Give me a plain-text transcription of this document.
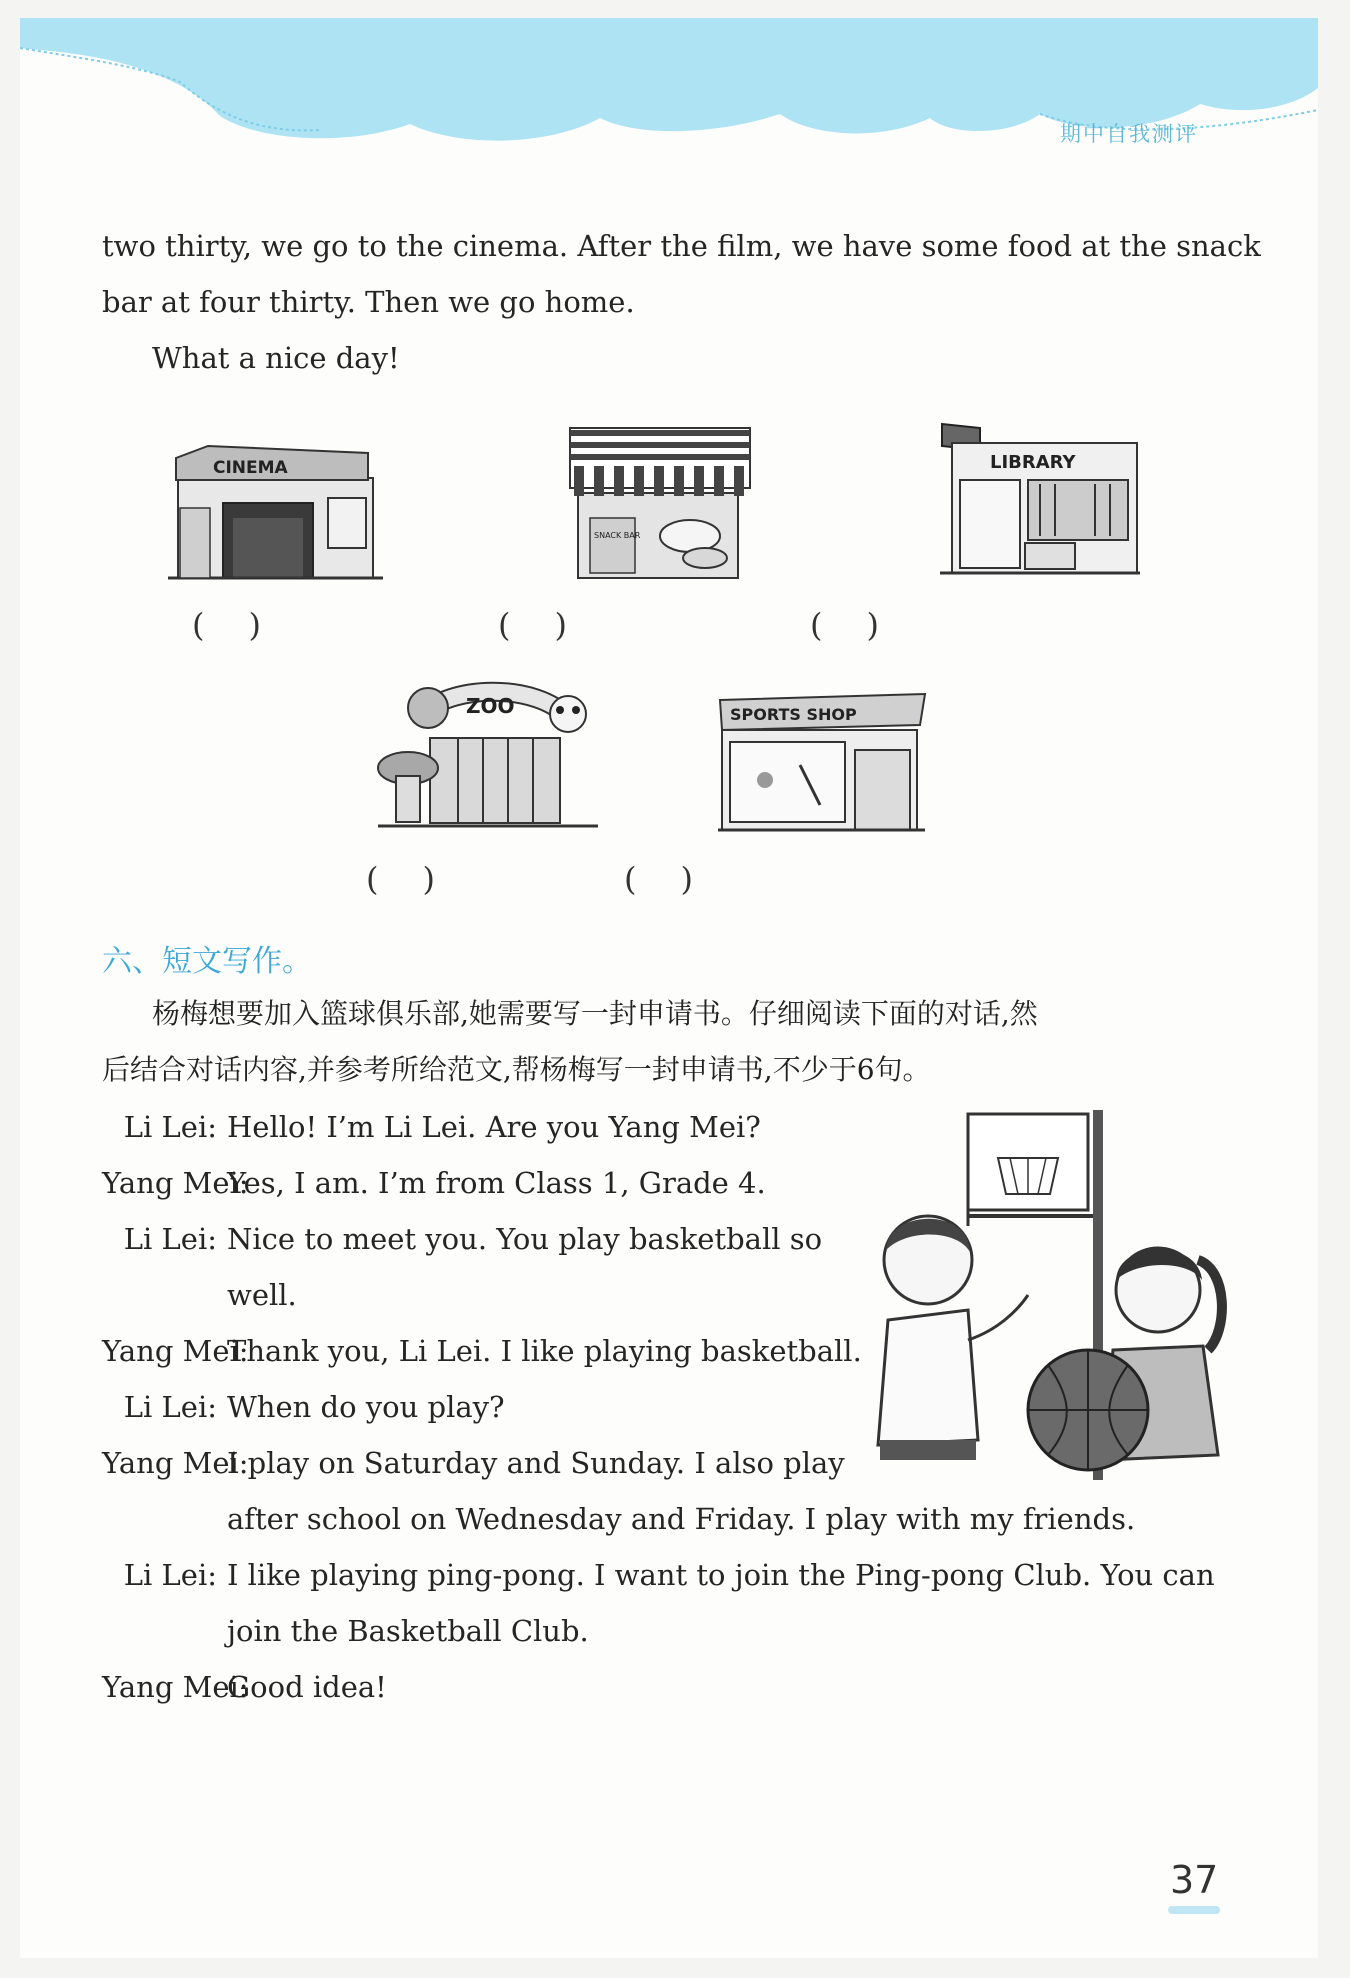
期中自我测评
two thirty, we go to the cinema. After the film, we have some food at the snack
bar at four thirty. Then we go home.
What a nice day!
CINEMA
( )
SNACK BAR
( )
LIBRARY
( )
ZOO
( )
SPORTS SHOP
( )
六、短文写作。
杨梅想要加入篮球俱乐部,她需要写一封申请书。仔细阅读下面的对话,然
后结合对话内容,并参考所给范文,帮杨梅写一封申请书,不少于6句。
Li Lei: Hello! I’m Li Lei. Are you Yang Mei?
Yang Mei:
Yes, I am. I’m from Class 1, Grade 4.
Li Lei: Nice to meet you. You play basketball so
well.
Yang Mei:
Thank you, Li Lei. I like playing basketball.
Li Lei: When do you play?
Yang Mei:
I play on Saturday and Sunday. I also play
after school on Wednesday and Friday. I play with my friends.
Li Lei: I like playing ping-pong. I want to join the Ping-pong Club. You can
join the Basketball Club.
Yang Mei:
Good idea!
37
